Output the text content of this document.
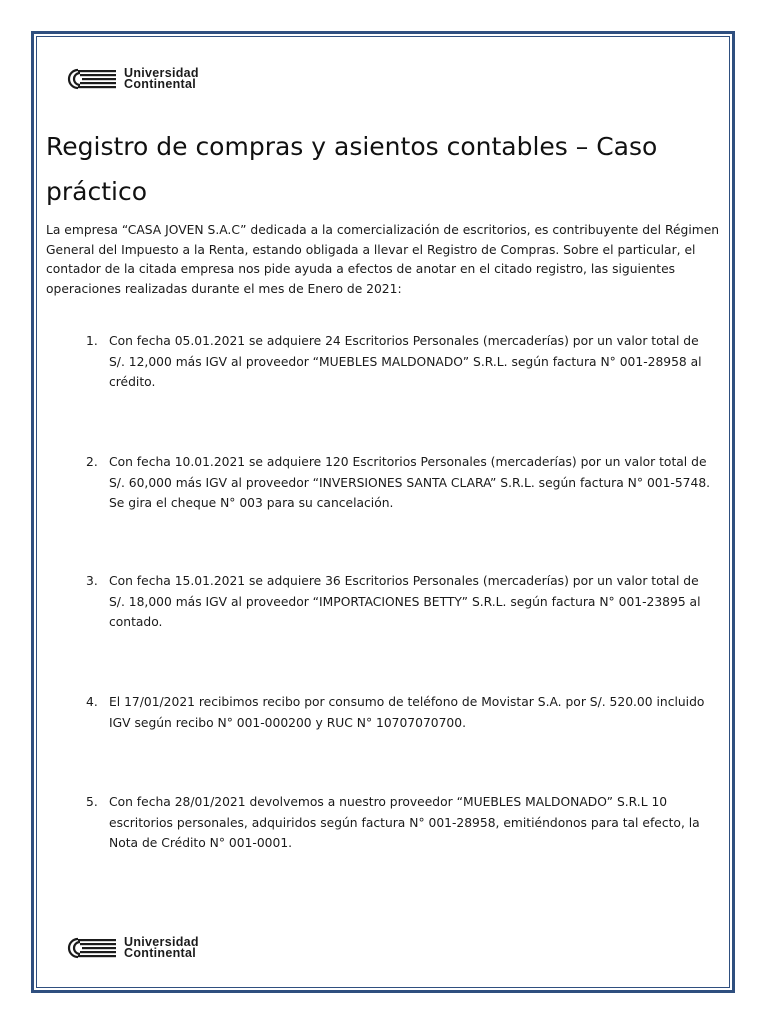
Universidad
Continental
Registro de compras y asientos contables – Caso práctico

La empresa “CASA JOVEN S.A.C” dedicada a la comercialización de escritorios, es contribuyente del Régimen General del Impuesto a la Renta, estando obligada a llevar el Registro de Compras. Sobre el particular, el contador de la citada empresa nos pide ayuda a efectos de anotar en el citado registro, las siguientes operaciones realizadas durante el mes de Enero de 2021:

1. Con fecha 05.01.2021 se adquiere 24 Escritorios Personales (mercaderías) por un valor total de S/. 12,000 más IGV al proveedor “MUEBLES MALDONADO” S.R.L. según factura N° 001-28958 al crédito.
2. Con fecha 10.01.2021 se adquiere 120 Escritorios Personales (mercaderías) por un valor total de S/. 60,000 más IGV al proveedor “INVERSIONES SANTA CLARA” S.R.L. según factura N° 001-5748. Se gira el cheque N° 003 para su cancelación.
3. Con fecha 15.01.2021 se adquiere 36 Escritorios Personales (mercaderías) por un valor total de S/. 18,000 más IGV al proveedor “IMPORTACIONES BETTY” S.R.L. según factura N° 001-23895 al contado.
4. El 17/01/2021 recibimos recibo por consumo de teléfono de Movistar S.A. por S/. 520.00 incluido IGV según recibo N° 001-000200 y RUC N° 10707070700.
5. Con fecha 28/01/2021 devolvemos a nuestro proveedor “MUEBLES MALDONADO” S.R.L 10 escritorios personales, adquiridos según factura N° 001-28958, emitiéndonos para tal efecto, la Nota de Crédito N° 001-0001.
Universidad
Continental
